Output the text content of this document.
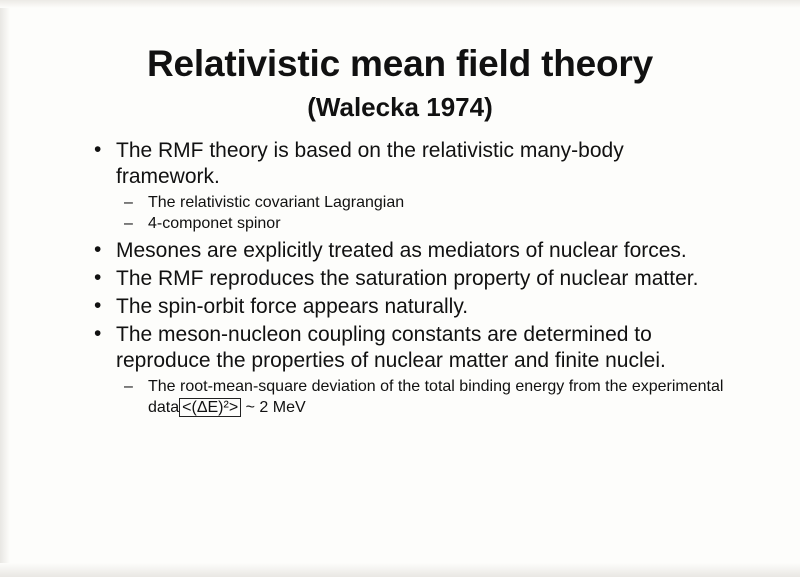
Relativistic mean field theory
(Walecka 1974)
• The RMF theory is based on the relativistic many-body framework.
– The relativistic covariant Lagrangian
– 4-componet spinor
• Mesones are explicitly treated as mediators of nuclear forces.
• The RMF reproduces the saturation property of nuclear matter.
• The spin-orbit force appears naturally.
• The meson-nucleon coupling constants are determined to reproduce the properties of nuclear matter and finite nuclei.
– The root-mean-square deviation of the total binding energy from the experimental data <(ΔE)²> ~ 2 MeV
